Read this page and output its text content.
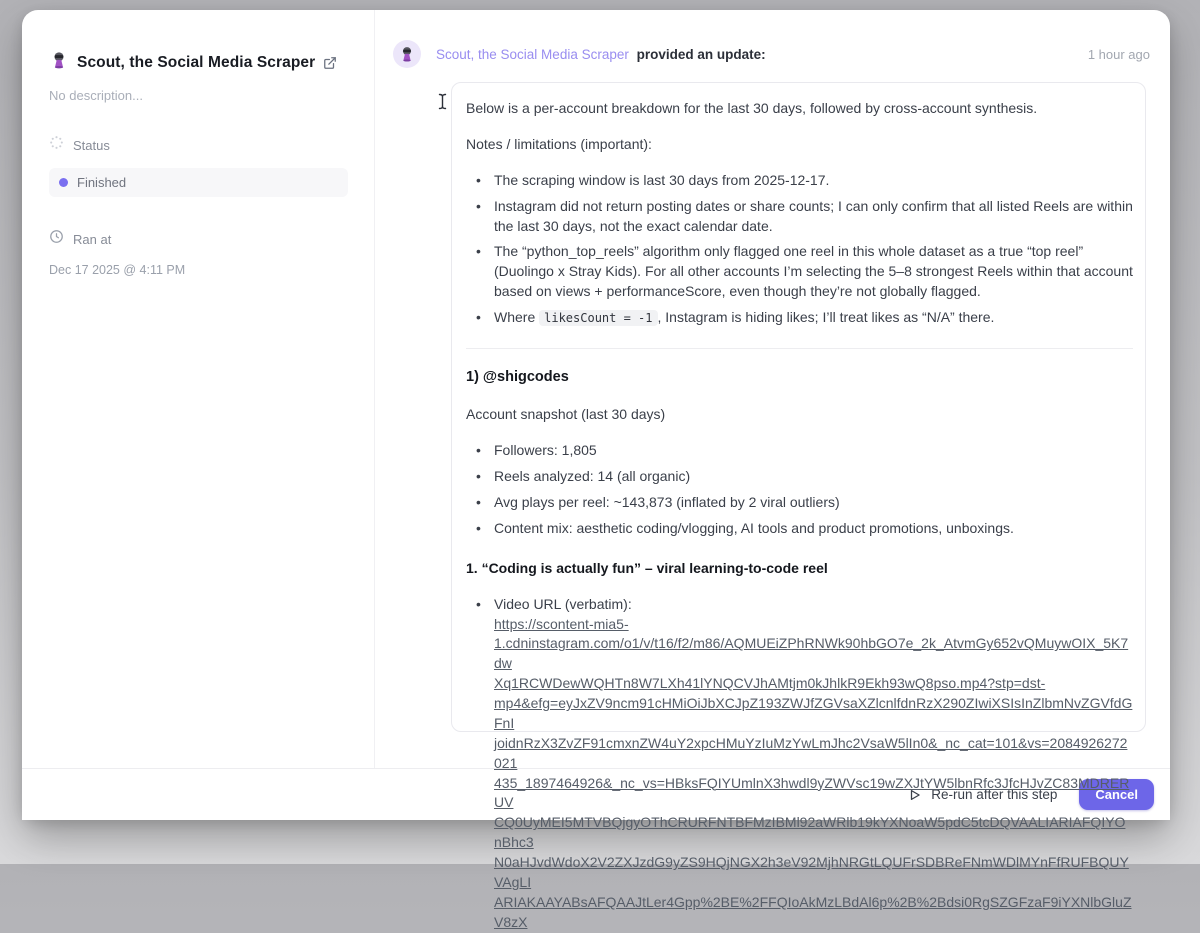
Scout, the Social Media Scraper
No description...
Status
Finished
Ran at
Dec 17 2025 @ 4:11 PM
Scout, the Social Media Scraper provided an update:	1 hour ago

Below is a per-account breakdown for the last 30 days, followed by cross-account synthesis.

Notes / limitations (important):

• The scraping window is last 30 days from 2025-12-17.
• Instagram did not return posting dates or share counts; I can only confirm that all listed Reels are within the last 30 days, not the exact calendar date.
• The “python_top_reels” algorithm only flagged one reel in this whole dataset as a true “top reel” (Duolingo x Stray Kids). For all other accounts I’m selecting the 5–8 strongest Reels within that account based on views + performanceScore, even though they’re not globally flagged.
• Where likesCount = -1 , Instagram is hiding likes; I’ll treat likes as “N/A” there.
1) @shigcodes

Account snapshot (last 30 days)

• Followers: 1,805
• Reels analyzed: 14 (all organic)
• Avg plays per reel: ~143,873 (inflated by 2 viral outliers)
• Content mix: aesthetic coding/vlogging, AI tools and product promotions, unboxings.

1. “Coding is actually fun” – viral learning-to-code reel

• Video URL (verbatim):
https://scontent-mia5-
1.cdninstagram.com/o1/v/t16/f2/m86/AQMUEiZPhRNWk90hbGO7e_2k_AtvmGy652vQMuywOIX_5K7dw
Xq1RCWDewWQHTn8W7LXh41lYNQCVJhAMtjm0kJhlkR9Ekh93wQ8pso.mp4?stp=dst-
mp4&efg=eyJxZV9ncm91cHMiOiJbXCJpZ193ZWJfZGVsaXZlcnlfdnRzX290ZIwiXSIsInZlbmNvZGVfdGFnI
joidnRzX3ZvZF91cmxnZW4uY2xpcHMuYzIuMzYwLmJhc2VsaW5lIn0&_nc_cat=101&vs=2084926272021
435_1897464926&_nc_vs=HBksFQIYUmlnX3hwdl9yZWVsc19wZXJtYW5lbnRfc3JfcHJvZC83MDRERUV
CQ0UyMEI5MTVBQjgyOThCRURFNTBFMzIBMl92aWRlb19kYXNoaW5pdC5tcDQVAALIARIAFQIYOnBhc3
N0aHJvdWdoX2V2ZXJzdG9yZS9HQjNGX2h3eV92MjhNRGtLQUFrSDBReFNmWDlMYnFfRUFBQUYVAgLI
ARIAKAAYABsAFQAAJtLer4Gpp%2BE%2FFQIoAkMzLBdAl6p%2B%2Bdsi0RgSZGFzaF9iYXNlbGluZV8zX
Re-run after this step	Cancel
